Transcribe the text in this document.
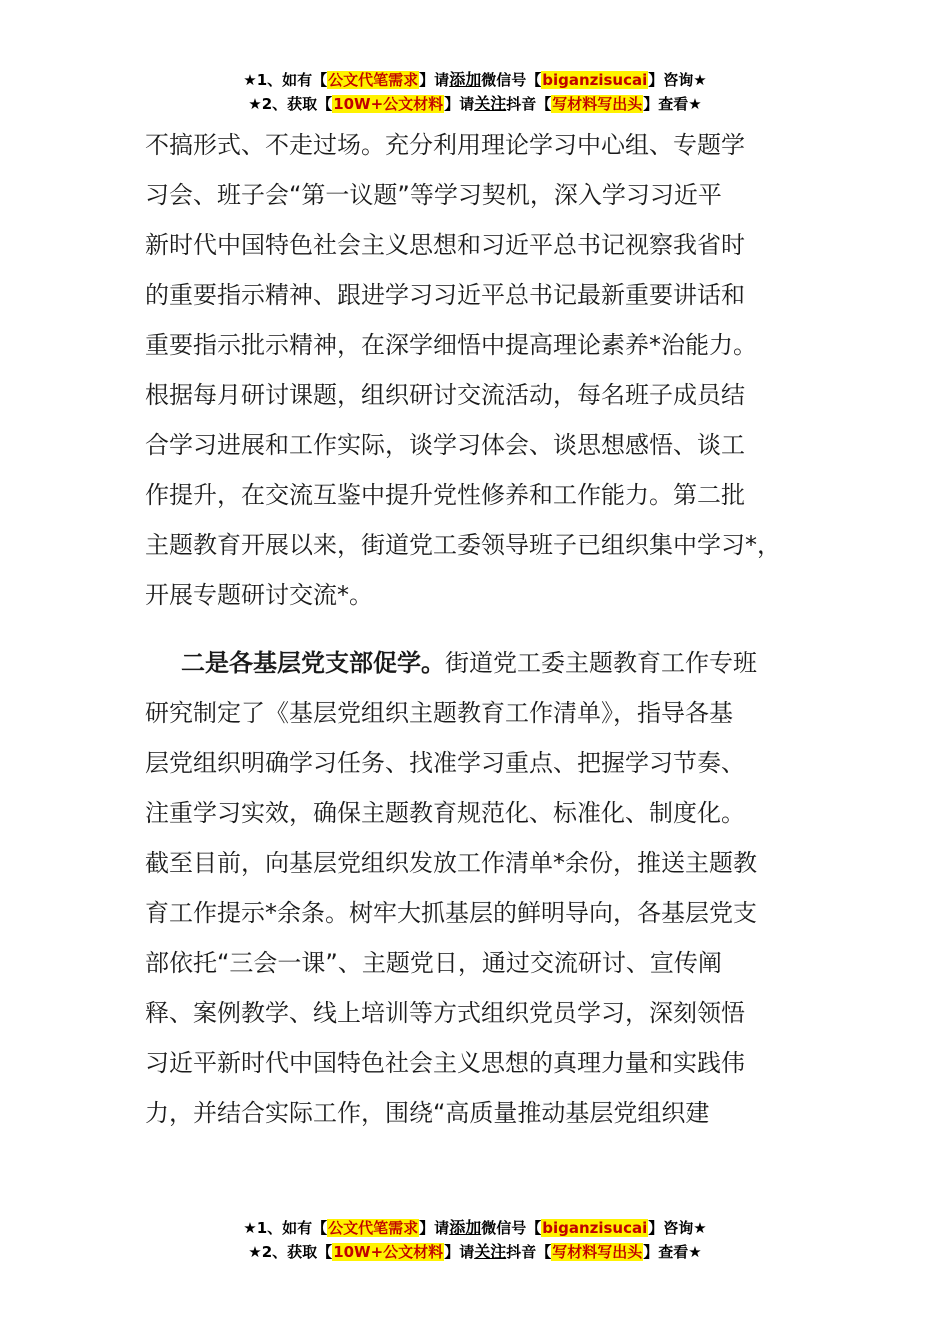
★1、如有【公文代笔需求】请添加微信号【biganzisucai】咨询★
★2、获取【10W+公文材料】请关注抖音【写材料写出头】查看★
不搞形式、不走过场。充分利用理论学习中心组、专题学
习会、班子会“第一议题”等学习契机，深入学习习近平
新时代中国特色社会主义思想和习近平总书记视察我省时
的重要指示精神、跟进学习习近平总书记最新重要讲话和
重要指示批示精神，在深学细悟中提高理论素养*治能力。
根据每月研讨课题，组织研讨交流活动，每名班子成员结
合学习进展和工作实际，谈学习体会、谈思想感悟、谈工
作提升，在交流互鉴中提升党性修养和工作能力。第二批
主题教育开展以来，街道党工委领导班子已组织集中学习*，
开展专题研讨交流*。
  二是各基层党支部促学。街道党工委主题教育工作专班
研究制定了《基层党组织主题教育工作清单》，指导各基
层党组织明确学习任务、找准学习重点、把握学习节奏、
注重学习实效，确保主题教育规范化、标准化、制度化。
截至目前，向基层党组织发放工作清单*余份，推送主题教
育工作提示*余条。树牢大抓基层的鲜明导向，各基层党支
部依托“三会一课”、主题党日，通过交流研讨、宣传阐
释、案例教学、线上培训等方式组织党员学习，深刻领悟
习近平新时代中国特色社会主义思想的真理力量和实践伟
力，并结合实际工作，围绕“高质量推动基层党组织建
★1、如有【公文代笔需求】请添加微信号【biganzisucai】咨询★
★2、获取【10W+公文材料】请关注抖音【写材料写出头】查看★
